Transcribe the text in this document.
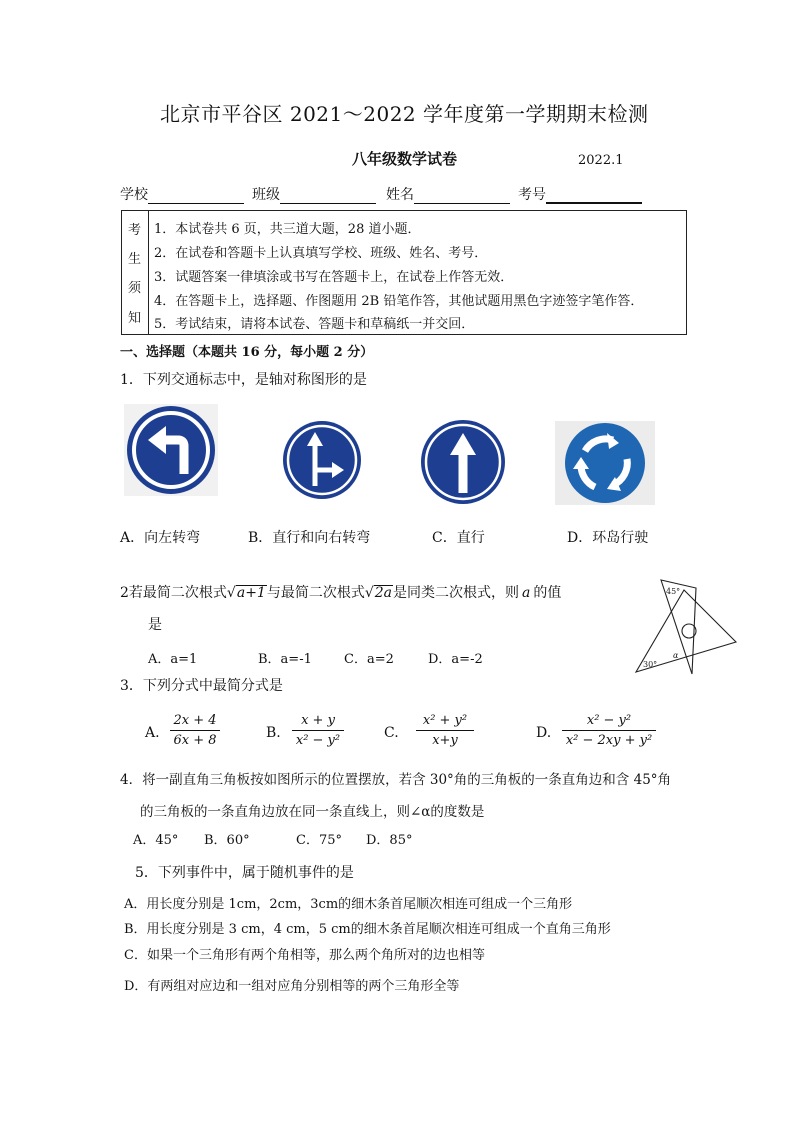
北京市平谷区 2021～2022 学年度第一学期期末检测
八年级数学试卷	2022.1
学校	班级	姓名	考号
考
生
须
知
1．本试卷共 6 页，共三道大题，28 道小题．
2．在试卷和答题卡上认真填写学校、班级、姓名、考号．
3．试题答案一律填涂或书写在答题卡上，在试卷上作答无效．
4．在答题卡上，选择题、作图题用 2B 铅笔作答，其他试题用黑色字迹签字笔作答．
5．考试结束，请将本试卷、答题卡和草稿纸一并交回．
一、选择题（本题共 16 分，每小题 2 分）
1．下列交通标志中，是轴对称图形的是
A．向左转弯	B．直行和向右转弯	C．直行	D．环岛行驶
2若最简二次根式√a+1与最简二次根式√2a是同类二次根式，则 a 的值
是
A．a=1	B．a=-1 C．a=2	D．a=-2
45°
30°
α
3．下列分式中最简分式是
A.
2x + 4
6x + 8	B.
x + y
x² − y²	C.
x² + y²
x+y	D.
x² − y²
x² − 2xy + y²
4．将一副直角三角板按如图所示的位置摆放，若含 30°角的三角板的一条直角边和含 45°角
的三角板的一条直角边放在同一条直线上，则∠α的度数是
A．45° B．60°	C．75° D．85°
5．下列事件中，属于随机事件的是
A．用长度分别是 1cm，2cm，3cm的细木条首尾顺次相连可组成一个三角形
B．用长度分别是 3 cm，4 cm，5 cm的细木条首尾顺次相连可组成一个直角三角形
C．如果一个三角形有两个角相等，那么两个角所对的边也相等
D．有两组对应边和一组对应角分别相等的两个三角形全等
